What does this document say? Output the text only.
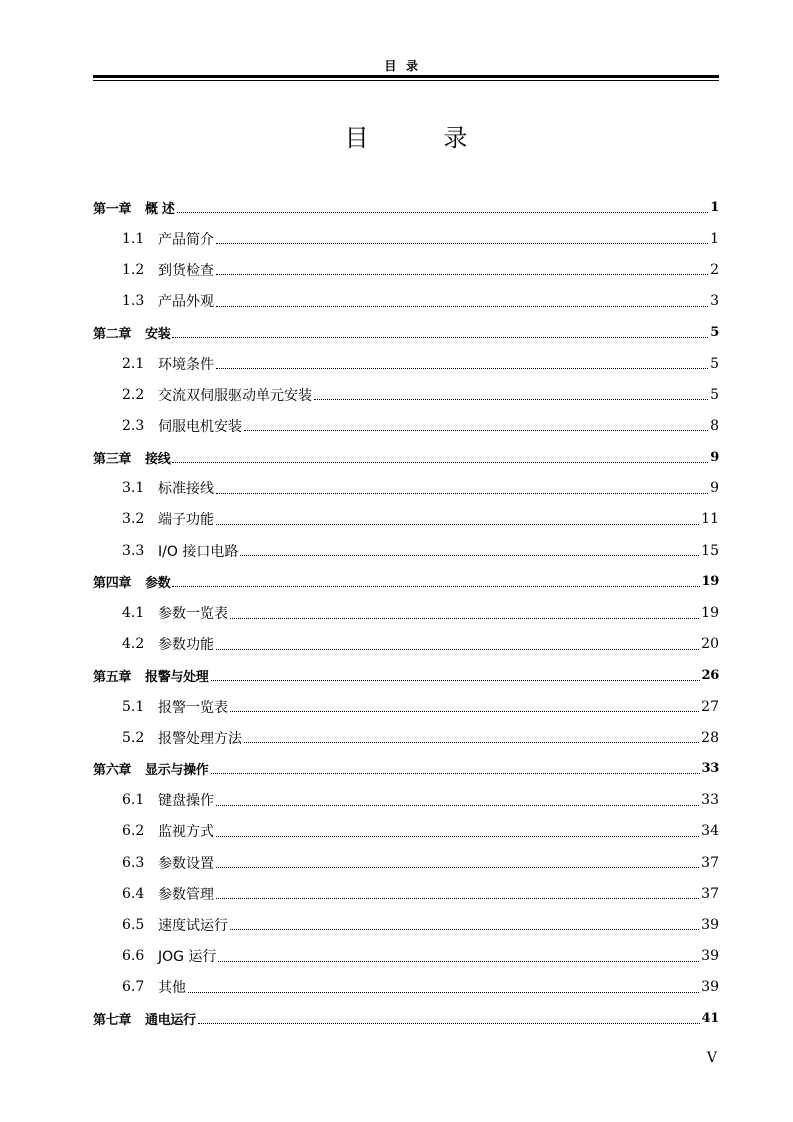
目录
目 录
第一章	概 述	1
1.1 产品简介	1
1.2 到货检查	2
1.3 产品外观	3
第二章	安装	5
2.1 环境条件	5
2.2 交流双伺服驱动单元安装	5
2.3 伺服电机安装	8
第三章	接线	9
3.1 标准接线	9
3.2 端子功能	11
3.3 I/O 接口电路	15
第四章	参数	19
4.1 参数一览表	19
4.2 参数功能	20
第五章	报警与处理	26
5.1 报警一览表	27
5.2 报警处理方法	28
第六章	显示与操作	33
6.1 键盘操作	33
6.2 监视方式	34
6.3 参数设置	37
6.4 参数管理	37
6.5 速度试运行	39
6.6 JOG 运行	39
6.7 其他	39
第七章	通电运行	41
V
